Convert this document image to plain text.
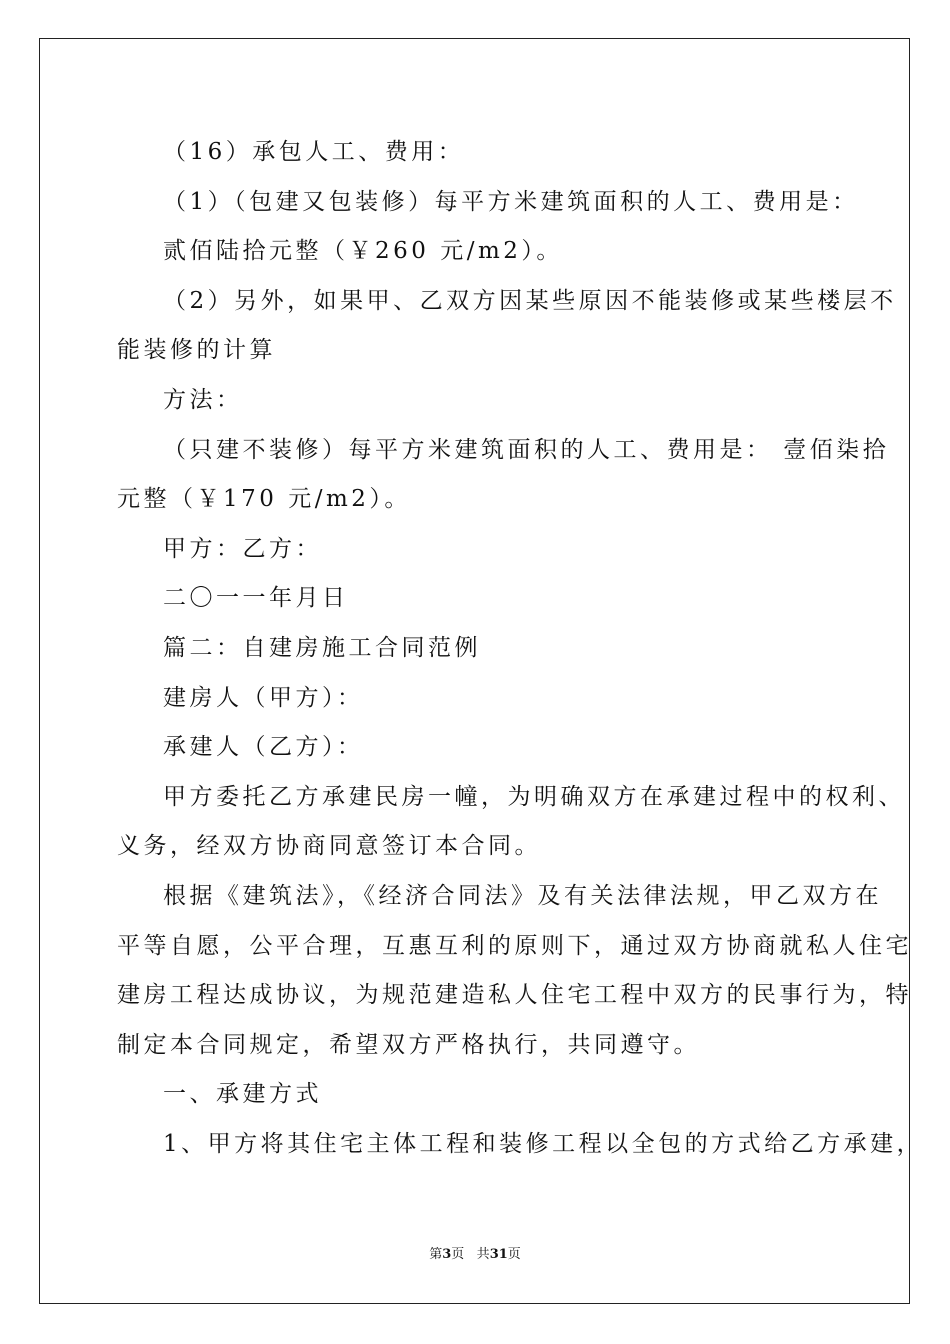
（16）承包人工、费用：

（1）（包建又包装修）每平方米建筑面积的人工、费用是：

贰佰陆拾元整（￥260 元/m2）。

（2）另外，如果甲、乙双方因某些原因不能装修或某些楼层不

能装修的计算

方法：

（只建不装修）每平方米建筑面积的人工、费用是： 壹佰柒拾

元整（￥170 元/m2）。

甲方：乙方：

二〇一一年月日

篇二：自建房施工合同范例

建房人（甲方）：

承建人（乙方）：

甲方委托乙方承建民房一幢，为明确双方在承建过程中的权利、

义务，经双方协商同意签订本合同。

根据《建筑法》，《经济合同法》及有关法律法规，甲乙双方在

平等自愿，公平合理，互惠互利的原则下，通过双方协商就私人住宅

建房工程达成协议，为规范建造私人住宅工程中双方的民事行为，特

制定本合同规定，希望双方严格执行，共同遵守。

一、承建方式

1、甲方将其住宅主体工程和装修工程以全包的方式给乙方承建，

第3页 共31页
